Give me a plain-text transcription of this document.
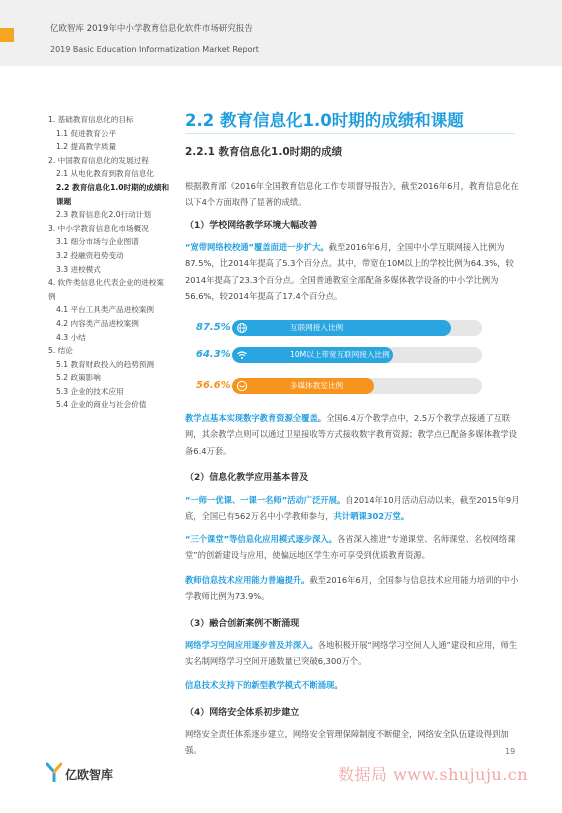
亿欧智库 2019年中小学教育信息化软件市场研究报告
2019 Basic Education Informatization Market Report
1. 基础教育信息化的目标
1.1 促进教育公平
1.2 提高教学质量
2. 中国教育信息化的发展过程
2.1 从电化教育到教育信息化
2.2 教育信息化1.0时期的成绩和课题
2.3 教育信息化2.0行动计划
3. 中小学教育信息化市场概况
3.1 细分市场与企业图谱
3.2 投融资趋势变动
3.3 进校模式
4. 软件类信息化代表企业的进校案例
4.1 平台工具类产品进校案例
4.2 内容类产品进校案例
4.3 小结
5. 结论
5.1 教育财政投入的趋势预测
5.2 政策影响
5.3 企业的技术应用
5.4 企业的商业与社会价值
2.2 教育信息化1.0时期的成绩和课题
2.2.1 教育信息化1.0时期的成绩
根据教育部《2016年全国教育信息化工作专项督导报告》，截至2016年6月，教育信息化在以下4个方面取得了显著的成绩。
（1）学校网络教学环境大幅改善
“宽带网络校校通”覆盖面进一步扩大。截至2016年6月，全国中小学互联网接入比例为87.5%，比2014年提高了5.3个百分点。其中，带宽在10M以上的学校比例为64.3%，较2014年提高了23.3个百分点。全国普通教室全部配备多媒体教学设备的中小学比例为56.6%，较2014年提高了17.4个百分点。
87.5%	互联网接入比例
64.3%	10M以上带宽互联网接入比例
56.6%	多媒体教室比例
教学点基本实现数字教育资源全覆盖。全国6.4万个教学点中，2.5万个教学点接通了互联网，其余教学点则可以通过卫星接收等方式接收数字教育资源；教学点已配备多媒体教学设备6.4万套。
（2）信息化教学应用基本普及
“一师一优课、一课一名师”活动广泛开展。自2014年10月活动启动以来，截至2015年9月底，全国已有562万名中小学教师参与，共计晒课302万堂。
“三个课堂”等信息化应用模式逐步深入。各省深入推进“专递课堂、名师课堂、名校网络课堂”的创新建设与应用，使偏远地区学生亦可享受到优质教育资源。
教师信息技术应用能力普遍提升。截至2016年6月，全国参与信息技术应用能力培训的中小学教师比例为73.9%。
（3）融合创新案例不断涌现
网络学习空间应用逐步普及并深入。各地积极开展“网络学习空间人人通”建设和应用，师生实名制网络学习空间开通数量已突破6,300万个。
信息技术支持下的新型教学模式不断涌现。
（4）网络安全体系初步建立
网络安全责任体系逐步建立，网络安全管理保障制度不断健全，网络安全队伍建设得到加强。
亿欧智库
19
数据局 www.shujuju.cn
